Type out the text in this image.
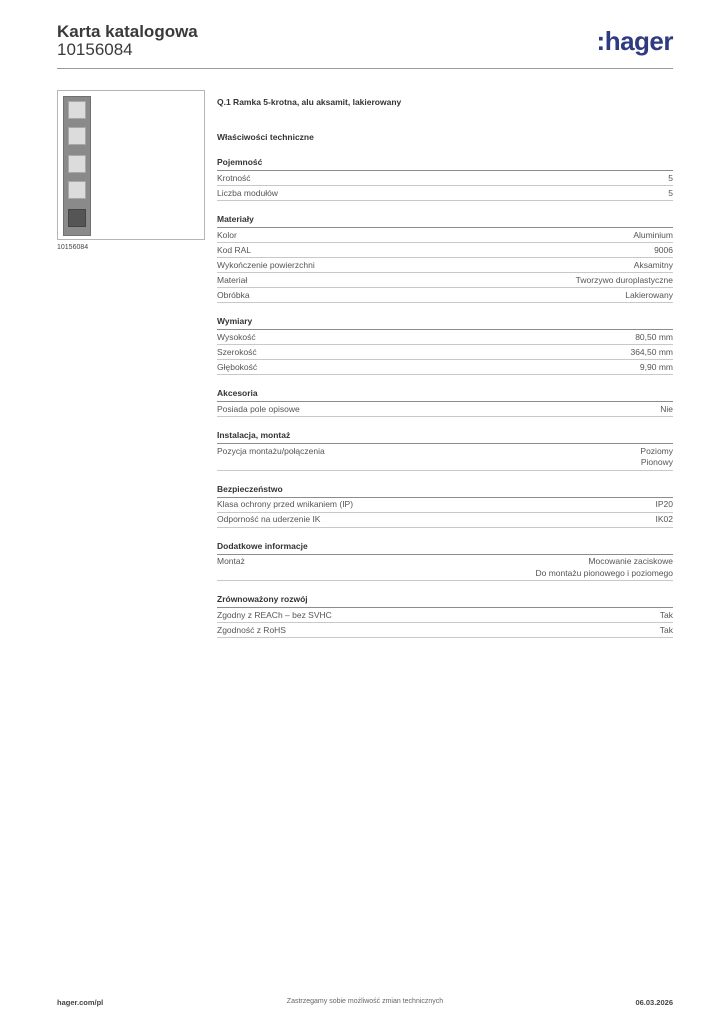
Karta katalogowa
10156084	:hager
10156084
Q.1 Ramka 5-krotna, alu aksamit, lakierowany
Właściwości techniczne
Pojemność
Krotność	5
Liczba modułów	5
Materiały
Kolor	Aluminium
Kod RAL	9006
Wykończenie powierzchni	Aksamitny
Materiał	Tworzywo duroplastyczne
Obróbka	Lakierowany
Wymiary
Wysokość	80,50 mm
Szerokość	364,50 mm
Głębokość	9,90 mm
Akcesoria
Posiada pole opisowe	Nie
Instalacja, montaż
Pozycja montażu/połączenia	Poziomy
Pionowy
Bezpieczeństwo
Klasa ochrony przed wnikaniem (IP)	IP20
Odporność na uderzenie IK	IK02
Dodatkowe informacje
Montaż	Mocowanie zaciskowe
Do montażu pionowego i poziomego
Zrównoważony rozwój
Zgodny z REACh – bez SVHC	Tak
Zgodność z RoHS	Tak
hager.com/pl	Zastrzegamy sobie możliwość zmian technicznych	06.03.2026
